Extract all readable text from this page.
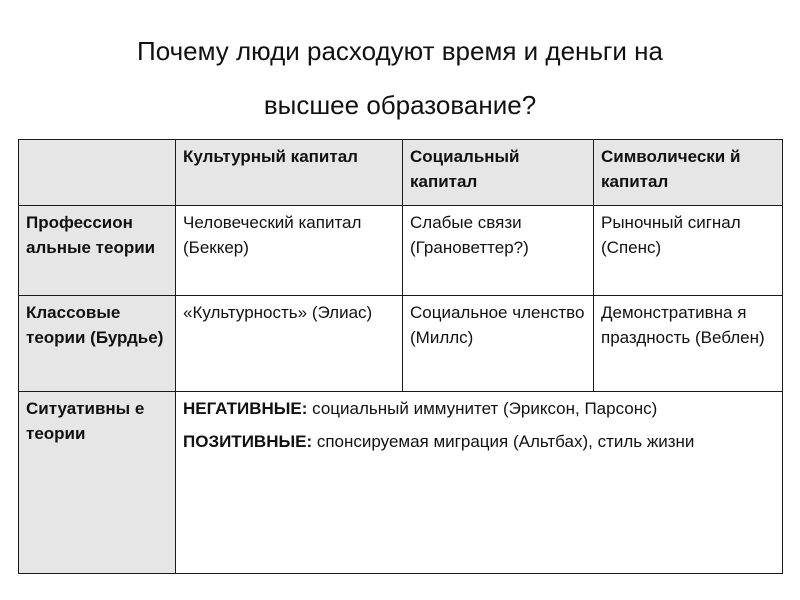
Почему люди расходуют время и деньги на
высшее образование?
	Культурный капитал	Социальный капитал	Символически й капитал
Профессион альные теории	Человеческий капитал (Беккер)	Слабые связи (Грановеттер?)	Рыночный сигнал (Спенс)
Классовые теории (Бурдье)	«Культурность» (Элиас)	Социальное членство (Миллс)	Демонстративна я праздность (Веблен)
Ситуативны е теории	НЕГАТИВНЫЕ: социальный иммунитет (Эриксон, Парсонс)
ПОЗИТИВНЫЕ: спонсируемая миграция (Альтбах), стиль жизни		
